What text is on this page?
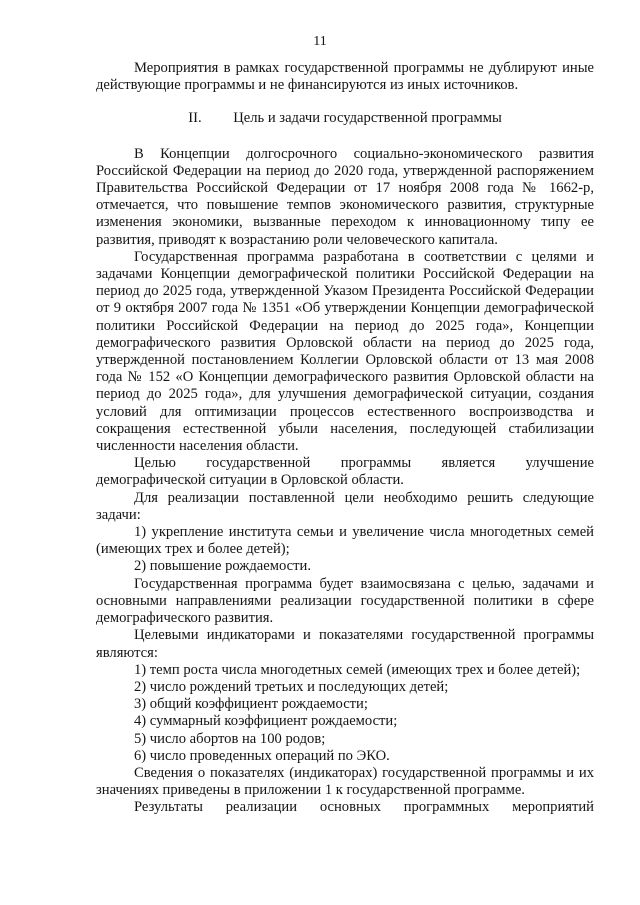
11

Мероприятия в рамках государственной программы не дублируют иные действующие программы и не финансируются из иных источников.

II. Цель и задачи государственной программы

В Концепции долгосрочного социально-экономического развития Российской Федерации на период до 2020 года, утвержденной распоряжением Правительства Российской Федерации от 17 ноября 2008 года № 1662-р, отмечается, что повышение темпов экономического развития, структурные изменения экономики, вызванные переходом к инновационному типу ее развития, приводят к возрастанию роли человеческого капитала.

Государственная программа разработана в соответствии с целями и задачами Концепции демографической политики Российской Федерации на период до 2025 года, утвержденной Указом Президента Российской Федерации от 9 октября 2007 года № 1351 «Об утверждении Концепции демографической политики Российской Федерации на период до 2025 года», Концепции демографического развития Орловской области на период до 2025 года, утвержденной постановлением Коллегии Орловской области от 13 мая 2008 года № 152 «О Концепции демографического развития Орловской области на период до 2025 года», для улучшения демографической ситуации, создания условий для оптимизации процессов естественного воспроизводства и сокращения естественной убыли населения, последующей стабилизации численности населения области.

Целью государственной программы является улучшение демографической ситуации в Орловской области.

Для реализации поставленной цели необходимо решить следующие задачи:

1) укрепление института семьи и увеличение числа многодетных семей (имеющих трех и более детей);

2) повышение рождаемости.

Государственная программа будет взаимосвязана с целью, задачами и основными направлениями реализации государственной политики в сфере демографического развития.

Целевыми индикаторами и показателями государственной программы являются:

1) темп роста числа многодетных семей (имеющих трех и более детей);

2) число рождений третьих и последующих детей;

3) общий коэффициент рождаемости;

4) суммарный коэффициент рождаемости;

5) число абортов на 100 родов;

6) число проведенных операций по ЭКО.

Сведения о показателях (индикаторах) государственной программы и их значениях приведены в приложении 1 к государственной программе.

Результаты реализации основных программных мероприятий
